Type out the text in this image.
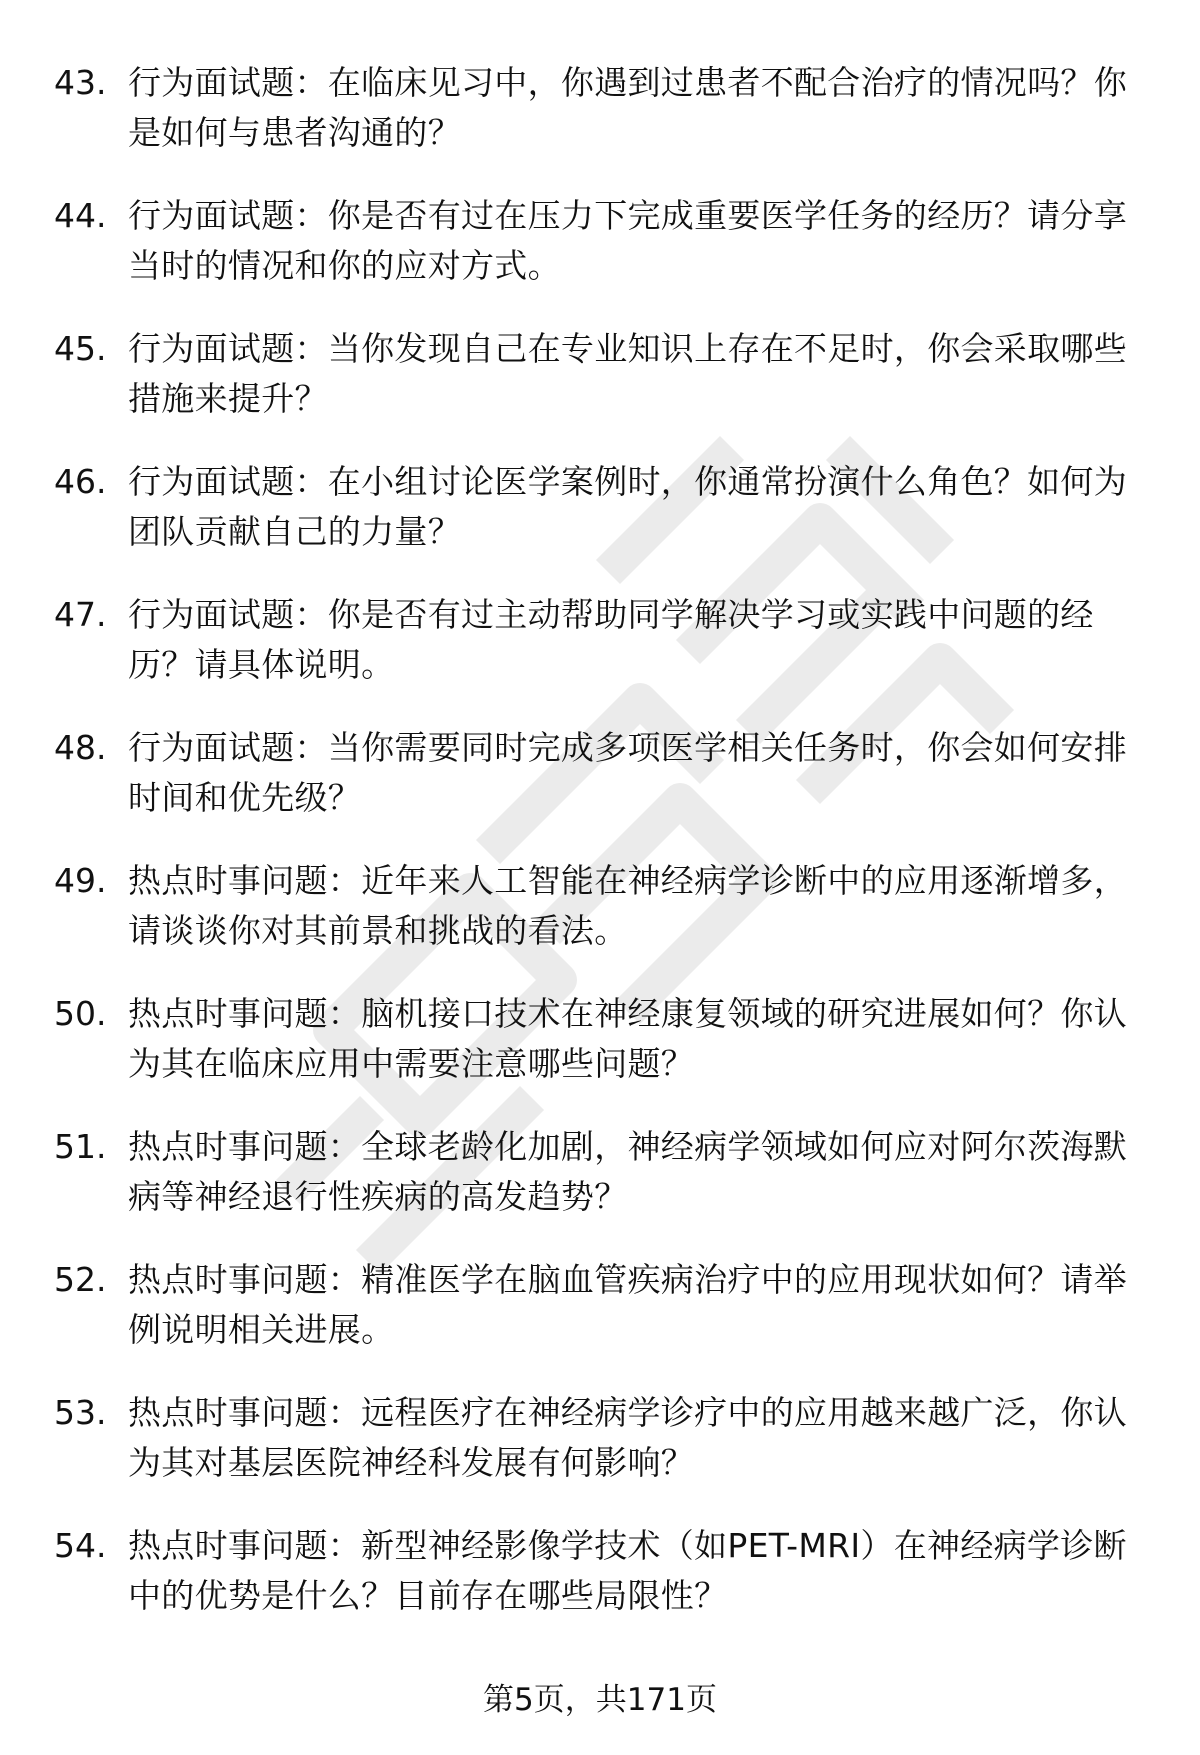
43. 行为面试题：在临床见习中，你遇到过患者不配合治疗的情况吗？你是如何与患者沟通的？
44. 行为面试题：你是否有过在压力下完成重要医学任务的经历？请分享当时的情况和你的应对方式。
45. 行为面试题：当你发现自己在专业知识上存在不足时，你会采取哪些措施来提升？
46. 行为面试题：在小组讨论医学案例时，你通常扮演什么角色？如何为团队贡献自己的力量？
47. 行为面试题：你是否有过主动帮助同学解决学习或实践中问题的经历？请具体说明。
48. 行为面试题：当你需要同时完成多项医学相关任务时，你会如何安排时间和优先级？
49. 热点时事问题：近年来人工智能在神经病学诊断中的应用逐渐增多，请谈谈你对其前景和挑战的看法。
50. 热点时事问题：脑机接口技术在神经康复领域的研究进展如何？你认为其在临床应用中需要注意哪些问题？
51. 热点时事问题：全球老龄化加剧，神经病学领域如何应对阿尔茨海默病等神经退行性疾病的高发趋势？
52. 热点时事问题：精准医学在脑血管疾病治疗中的应用现状如何？请举例说明相关进展。
53. 热点时事问题：远程医疗在神经病学诊疗中的应用越来越广泛，你认为其对基层医院神经科发展有何影响？
54. 热点时事问题：新型神经影像学技术（如PET-MRI）在神经病学诊断中的优势是什么？目前存在哪些局限性？
第5页，共171页
